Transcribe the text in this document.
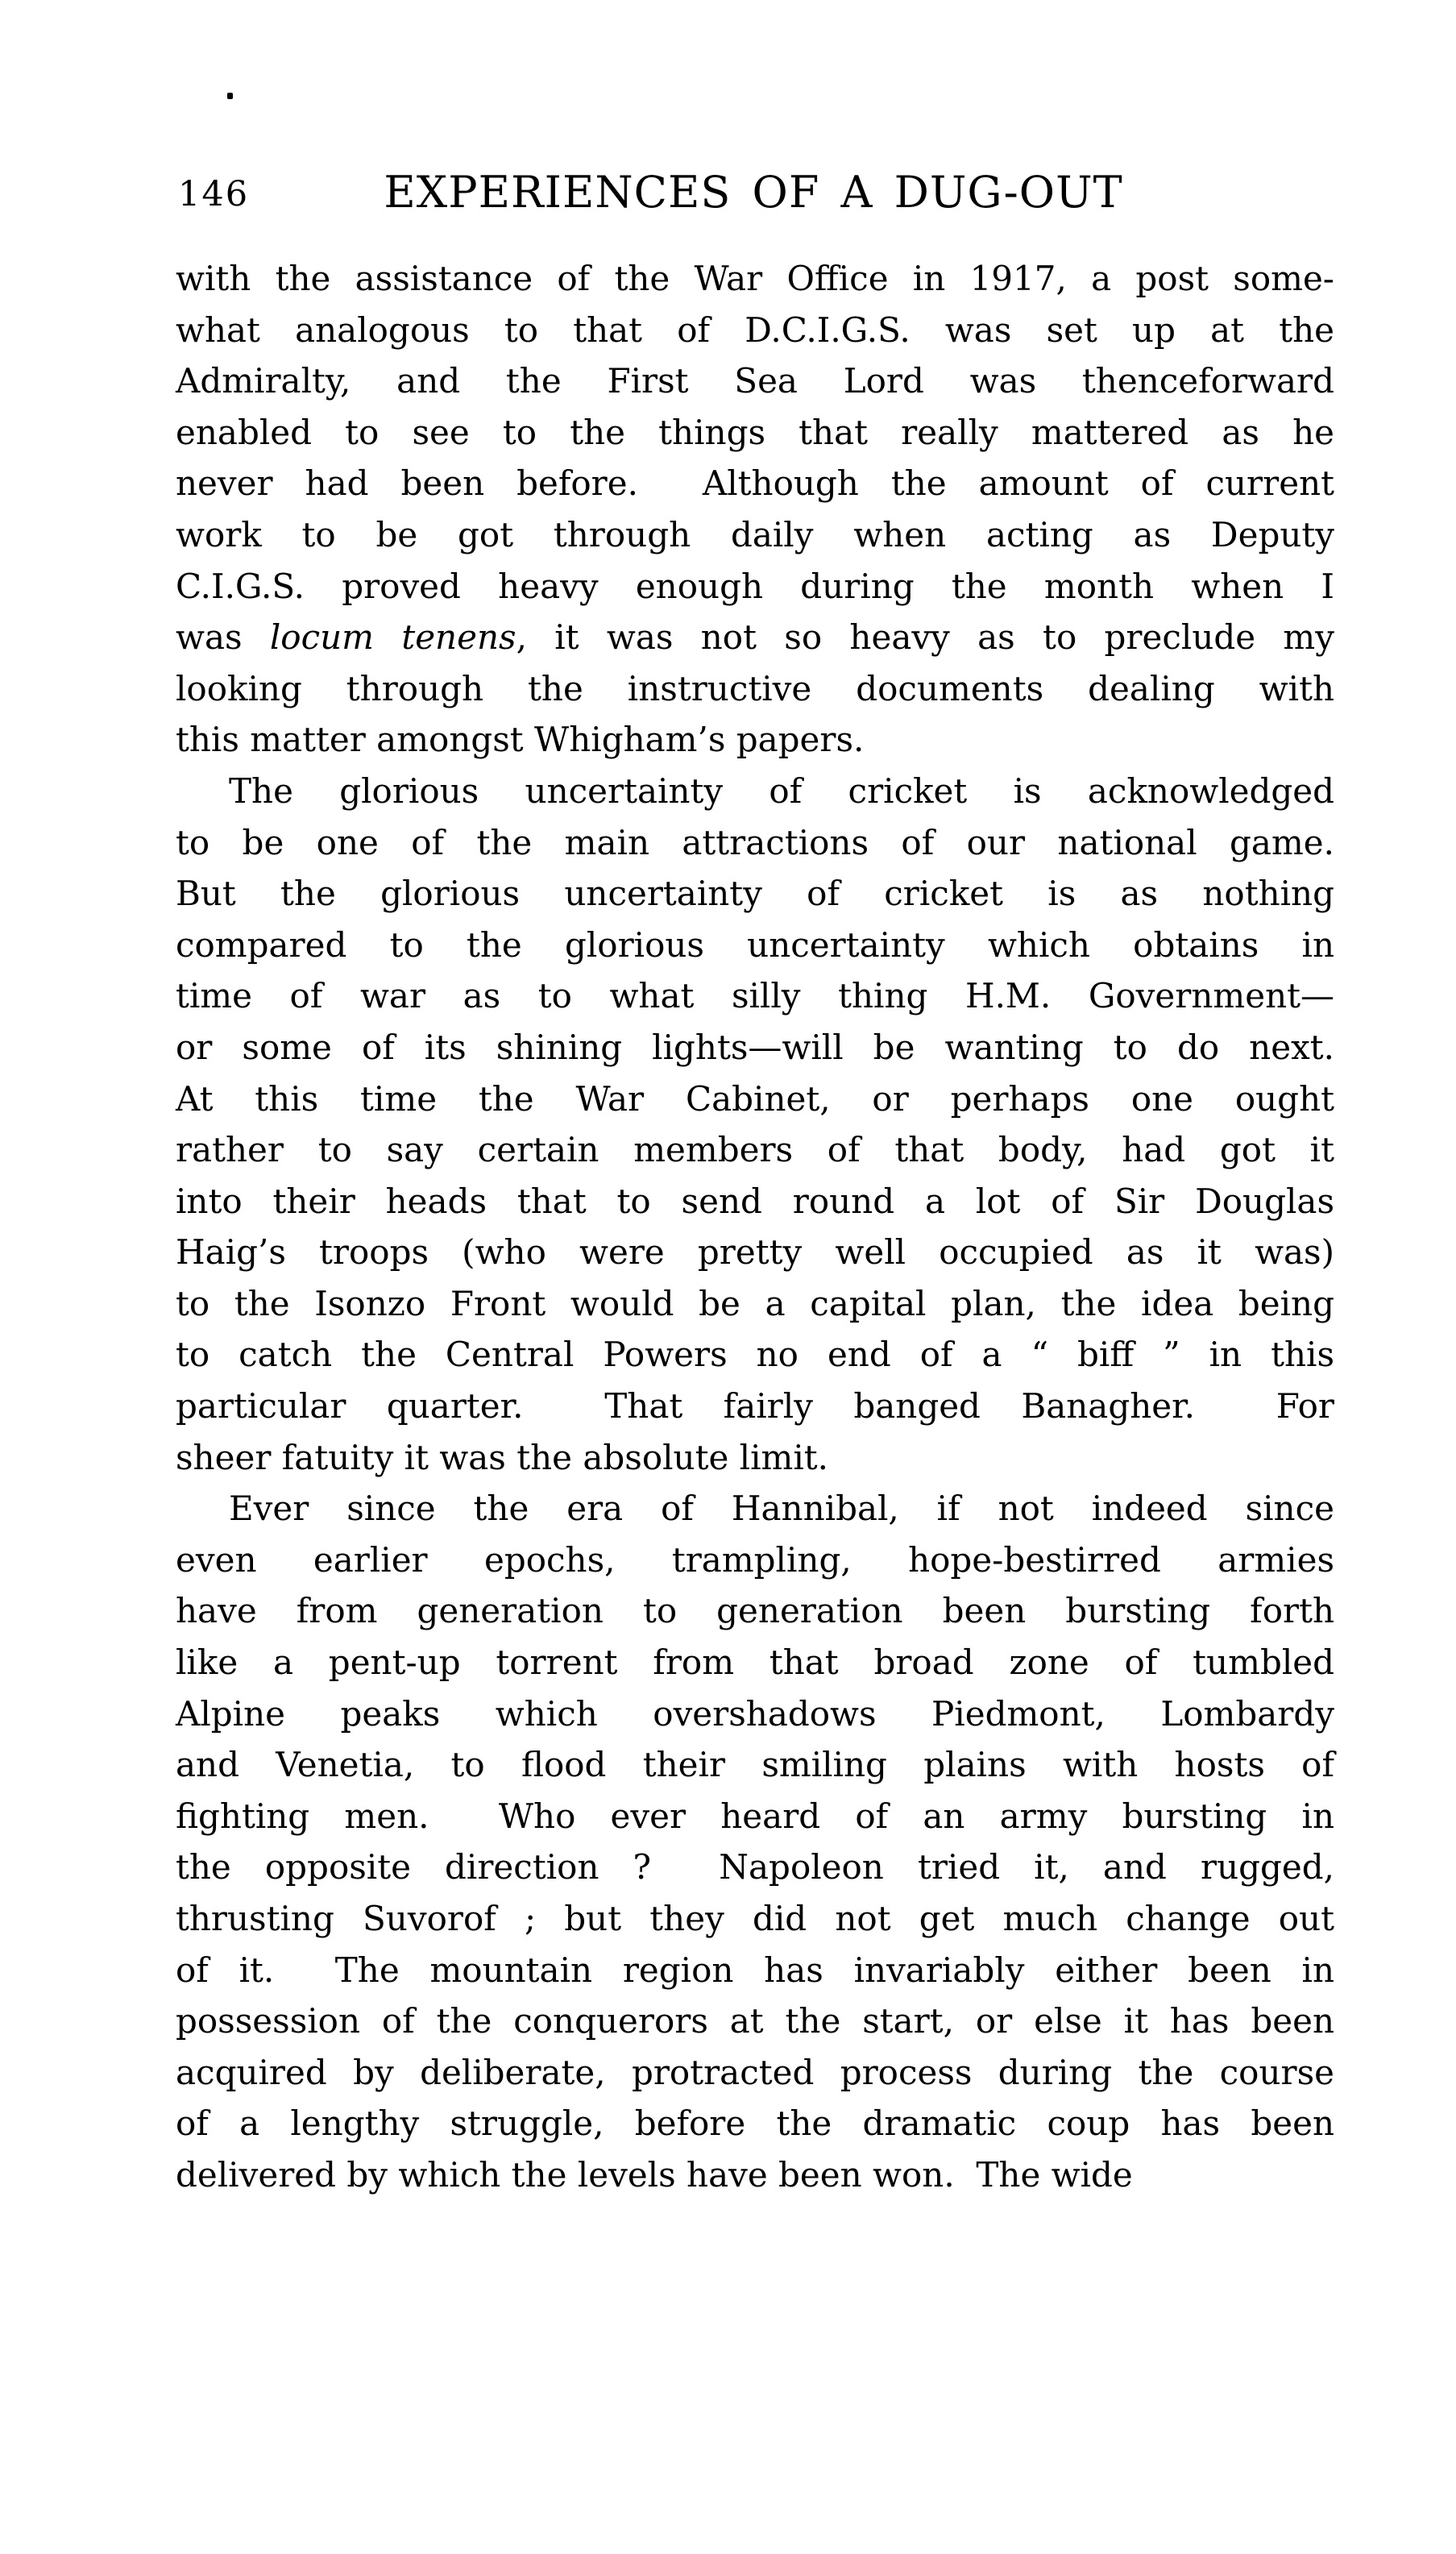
146	EXPERIENCES OF A DUG-OUT
with the assistance of the War Office in 1917, a post some-
what analogous to that of D.C.I.G.S. was set up at the
Admiralty, and the First Sea Lord was thenceforward
enabled to see to the things that really mattered as he
never had been before.  Although the amount of current
work to be got through daily when acting as Deputy
C.I.G.S. proved heavy enough during the month when I
was locum tenens, it was not so heavy as to preclude my
looking through the instructive documents dealing with
this matter amongst Whigham’s papers.
The glorious uncertainty of cricket is acknowledged
to be one of the main attractions of our national game.
But the glorious uncertainty of cricket is as nothing
compared to the glorious uncertainty which obtains in
time of war as to what silly thing H.M. Government—
or some of its shining lights—will be wanting to do next.
At this time the War Cabinet, or perhaps one ought
rather to say certain members of that body, had got it
into their heads that to send round a lot of Sir Douglas
Haig’s troops (who were pretty well occupied as it was)
to the Isonzo Front would be a capital plan, the idea being
to catch the Central Powers no end of a “ biff ” in this
particular quarter.  That fairly banged Banagher.  For
sheer fatuity it was the absolute limit.
Ever since the era of Hannibal, if not indeed since
even earlier epochs, trampling, hope-bestirred armies
have from generation to generation been bursting forth
like a pent-up torrent from that broad zone of tumbled
Alpine peaks which overshadows Piedmont, Lombardy
and Venetia, to flood their smiling plains with hosts of
fighting men.  Who ever heard of an army bursting in
the opposite direction ?  Napoleon tried it, and rugged,
thrusting Suvorof ; but they did not get much change out
of it.  The mountain region has invariably either been in
possession of the conquerors at the start, or else it has been
acquired by deliberate, protracted process during the course
of a lengthy struggle, before the dramatic coup has been
delivered by which the levels have been won.  The wide
